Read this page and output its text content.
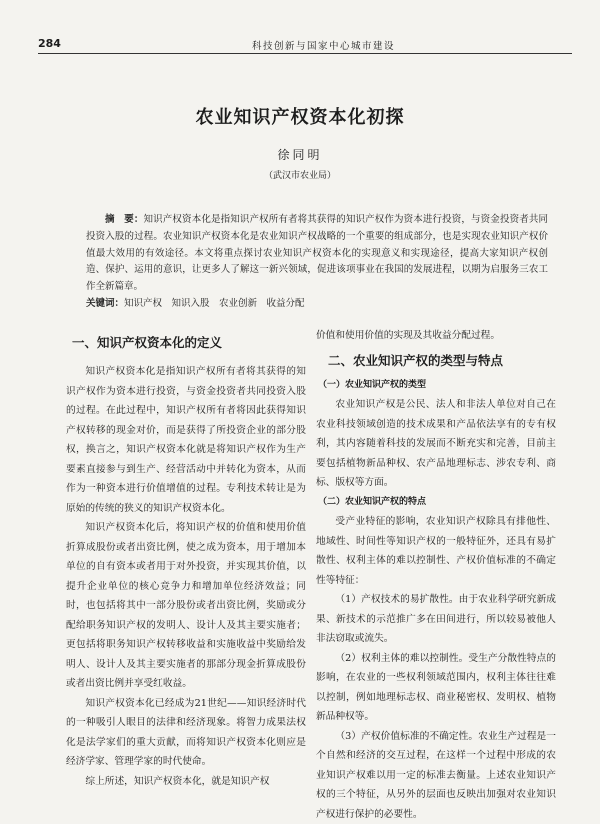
284	科技创新与国家中心城市建设
农业知识产权资本化初探
徐同明
（武汉市农业局）
摘　要：知识产权资本化是指知识产权所有者将其获得的知识产权作为资本进行投资，与资金投资者共同投资入股的过程。农业知识产权资本化是农业知识产权战略的一个重要的组成部分，也是实现农业知识产权价值最大效用的有效途径。本文将重点探讨农业知识产权资本化的实现意义和实现途径，提高大家知识产权创造、保护、运用的意识，让更多人了解这一新兴领域，促进该项事业在我国的发展进程，以期为启服务三农工作全新篇章。
关键词：知识产权　知识入股　农业创新　收益分配
一、知识产权资本化的定义

知识产权资本化是指知识产权所有者将其获得的知识产权作为资本进行投资，与资金投资者共同投资入股的过程。在此过程中，知识产权所有者将因此获得知识产权转移的现金对价，而是获得了所投资企业的部分股权，换言之，知识产权资本化就是将知识产权作为生产要素直接参与到生产、经营活动中并转化为资本，从而作为一种资本进行价值增值的过程。专利技术转让是为原始的传统的狭义的知识产权资本化。

知识产权资本化后，将知识产权的价值和使用价值折算成股份或者出资比例，使之成为资本，用于增加本单位的自有资本或者用于对外投资，并实现其价值，以提升企业单位的核心竞争力和增加单位经济效益；同时，也包括将其中一部分股份或者出资比例，奖励或分配给职务知识产权的发明人、设计人及其主要实施者；更包括将职务知识产权转移收益和实施收益中奖励给发明人、设计人及其主要实施者的那部分现金折算成股份或者出资比例并享受红收益。

知识产权资本化已经成为21世纪——知识经济时代的一种吸引人眼目的法律和经济现象。将智力成果法权化是法学家们的重大贡献，而将知识产权资本化则应是经济学家、管理学家的时代使命。

综上所述，知识产权资本化，就是知识产权

价值和使用价值的实现及其收益分配过程。

二、农业知识产权的类型与特点
（一）农业知识产权的类型

农业知识产权是公民、法人和非法人单位对自己在农业科技领域创造的技术成果和产品依法享有的专有权利，其内容随着科技的发展而不断充实和完善，目前主要包括植物新品种权、农产品地理标志、涉农专利、商标、版权等方面。

（二）农业知识产权的特点

受产业特征的影响，农业知识产权除具有排他性、地域性、时间性等知识产权的一般特征外，还具有易扩散性、权利主体的难以控制性、产权价值标准的不确定性等特征：

（1）产权技术的易扩散性。由于农业科学研究新成果、新技术的示范推广多在田间进行，所以较易被他人非法窃取或流失。

（2）权利主体的难以控制性。受生产分散性特点的影响，在农业的一些权利领域范围内，权利主体往往难以控制，例如地理标志权、商业秘密权、发明权、植物新品种权等。

（3）产权价值标准的不确定性。农业生产过程是一个自然和经济的交互过程，在这样一个过程中形成的农业知识产权难以用一定的标准去衡量。上述农业知识产权的三个特征，从另外的层面也反映出加强对农业知识产权进行保护的必要性。
